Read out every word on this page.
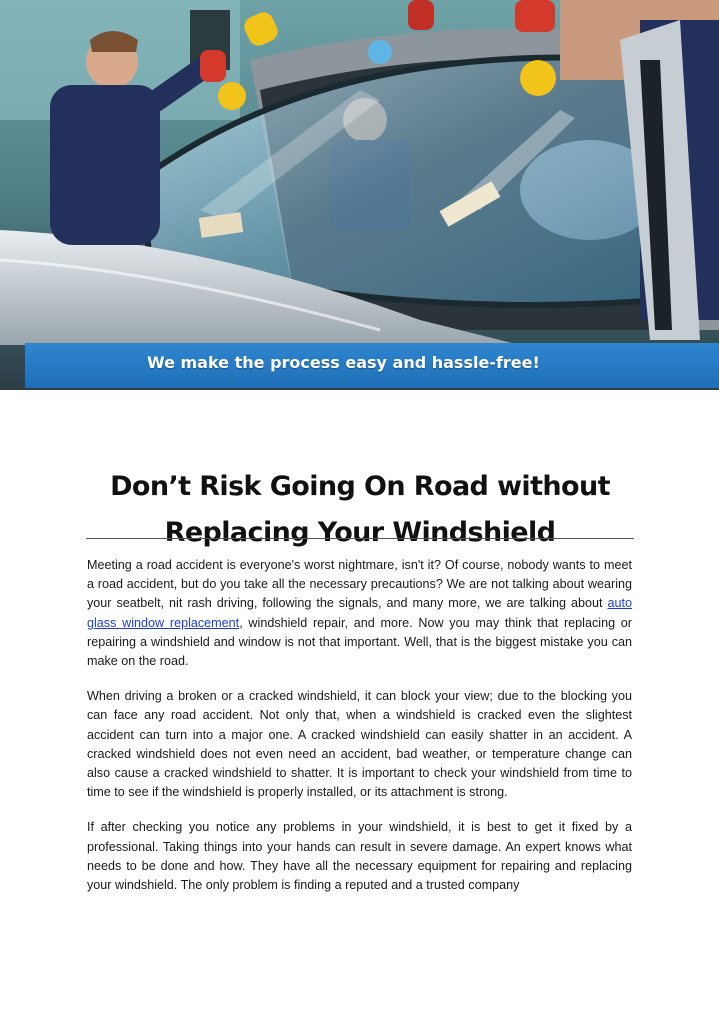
We make the process easy and hassle-free!
Don’t Risk Going On Road without Replacing Your Windshield

Meeting a road accident is everyone's worst nightmare, isn't it? Of course, nobody wants to meet a road accident, but do you take all the necessary precautions? We are not talking about wearing your seatbelt, nit rash driving, following the signals, and many more, we are talking about auto glass window replacement, windshield repair, and more. Now you may think that replacing or repairing a windshield and window is not that important. Well, that is the biggest mistake you can make on the road.

When driving a broken or a cracked windshield, it can block your view; due to the blocking you can face any road accident. Not only that, when a windshield is cracked even the slightest accident can turn into a major one. A cracked windshield can easily shatter in an accident. A cracked windshield does not even need an accident, bad weather, or temperature change can also cause a cracked windshield to shatter. It is important to check your windshield from time to time to see if the windshield is properly installed, or its attachment is strong.

If after checking you notice any problems in your windshield, it is best to get it fixed by a professional. Taking things into your hands can result in severe damage. An expert knows what needs to be done and how. They have all the necessary equipment for repairing and replacing your windshield. The only problem is finding a reputed and a trusted company
